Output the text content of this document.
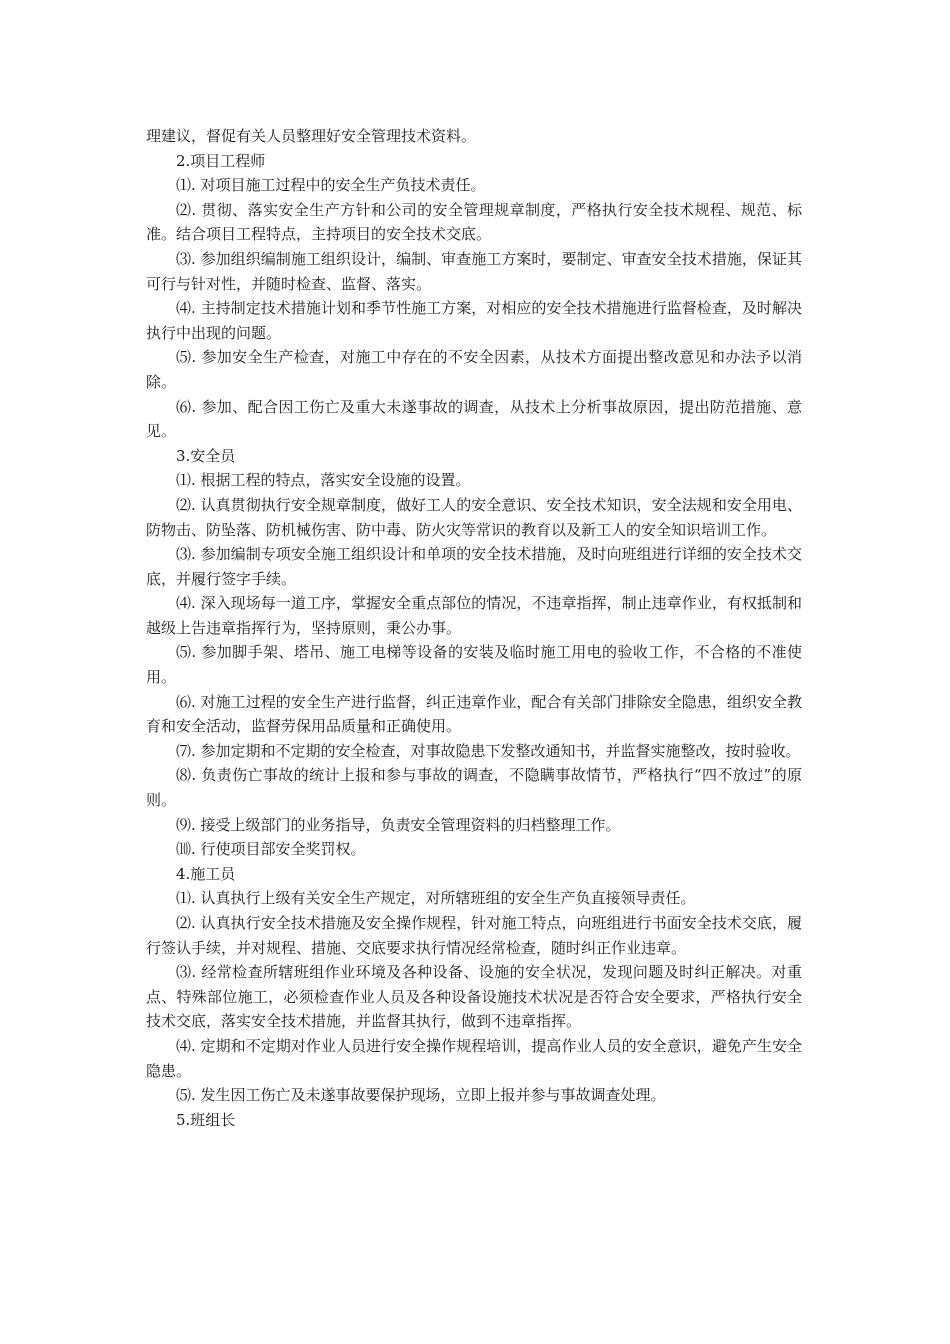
理建议，督促有关人员整理好安全管理技术资料。

2.项目工程师

⑴. 对项目施工过程中的安全生产负技术责任。

⑵. 贯彻、落实安全生产方针和公司的安全管理规章制度，严格执行安全技术规程、规范、标准。结合项目工程特点，主持项目的安全技术交底。

⑶. 参加组织编制施工组织设计，编制、审查施工方案时，要制定、审查安全技术措施，保证其可行与针对性，并随时检查、监督、落实。

⑷. 主持制定技术措施计划和季节性施工方案，对相应的安全技术措施进行监督检查，及时解决执行中出现的问题。

⑸. 参加安全生产检查，对施工中存在的不安全因素，从技术方面提出整改意见和办法予以消除。

⑹. 参加、配合因工伤亡及重大未遂事故的调查，从技术上分析事故原因，提出防范措施、意见。

3.安全员

⑴. 根据工程的特点，落实安全设施的设置。

⑵. 认真贯彻执行安全规章制度，做好工人的安全意识、安全技术知识，安全法规和安全用电、防物击、防坠落、防机械伤害、防中毒、防火灾等常识的教育以及新工人的安全知识培训工作。

⑶. 参加编制专项安全施工组织设计和单项的安全技术措施，及时向班组进行详细的安全技术交底，并履行签字手续。

⑷. 深入现场每一道工序，掌握安全重点部位的情况，不违章指挥，制止违章作业，有权抵制和越级上告违章指挥行为，坚持原则，秉公办事。

⑸. 参加脚手架、塔吊、施工电梯等设备的安装及临时施工用电的验收工作，不合格的不准使用。

⑹. 对施工过程的安全生产进行监督，纠正违章作业，配合有关部门排除安全隐患，组织安全教育和安全活动，监督劳保用品质量和正确使用。

⑺. 参加定期和不定期的安全检查，对事故隐患下发整改通知书，并监督实施整改，按时验收。

⑻. 负责伤亡事故的统计上报和参与事故的调查，不隐瞒事故情节，严格执行“四不放过”的原则。

⑼. 接受上级部门的业务指导，负责安全管理资料的归档整理工作。

⑽. 行使项目部安全奖罚权。

4.施工员

⑴. 认真执行上级有关安全生产规定，对所辖班组的安全生产负直接领导责任。

⑵. 认真执行安全技术措施及安全操作规程，针对施工特点，向班组进行书面安全技术交底，履行签认手续，并对规程、措施、交底要求执行情况经常检查，随时纠正作业违章。

⑶. 经常检查所辖班组作业环境及各种设备、设施的安全状况，发现问题及时纠正解决。对重点、特殊部位施工，必须检查作业人员及各种设备设施技术状况是否符合安全要求，严格执行安全技术交底，落实安全技术措施，并监督其执行，做到不违章指挥。

⑷. 定期和不定期对作业人员进行安全操作规程培训，提高作业人员的安全意识，避免产生安全隐患。

⑸. 发生因工伤亡及未遂事故要保护现场，立即上报并参与事故调查处理。

5.班组长
